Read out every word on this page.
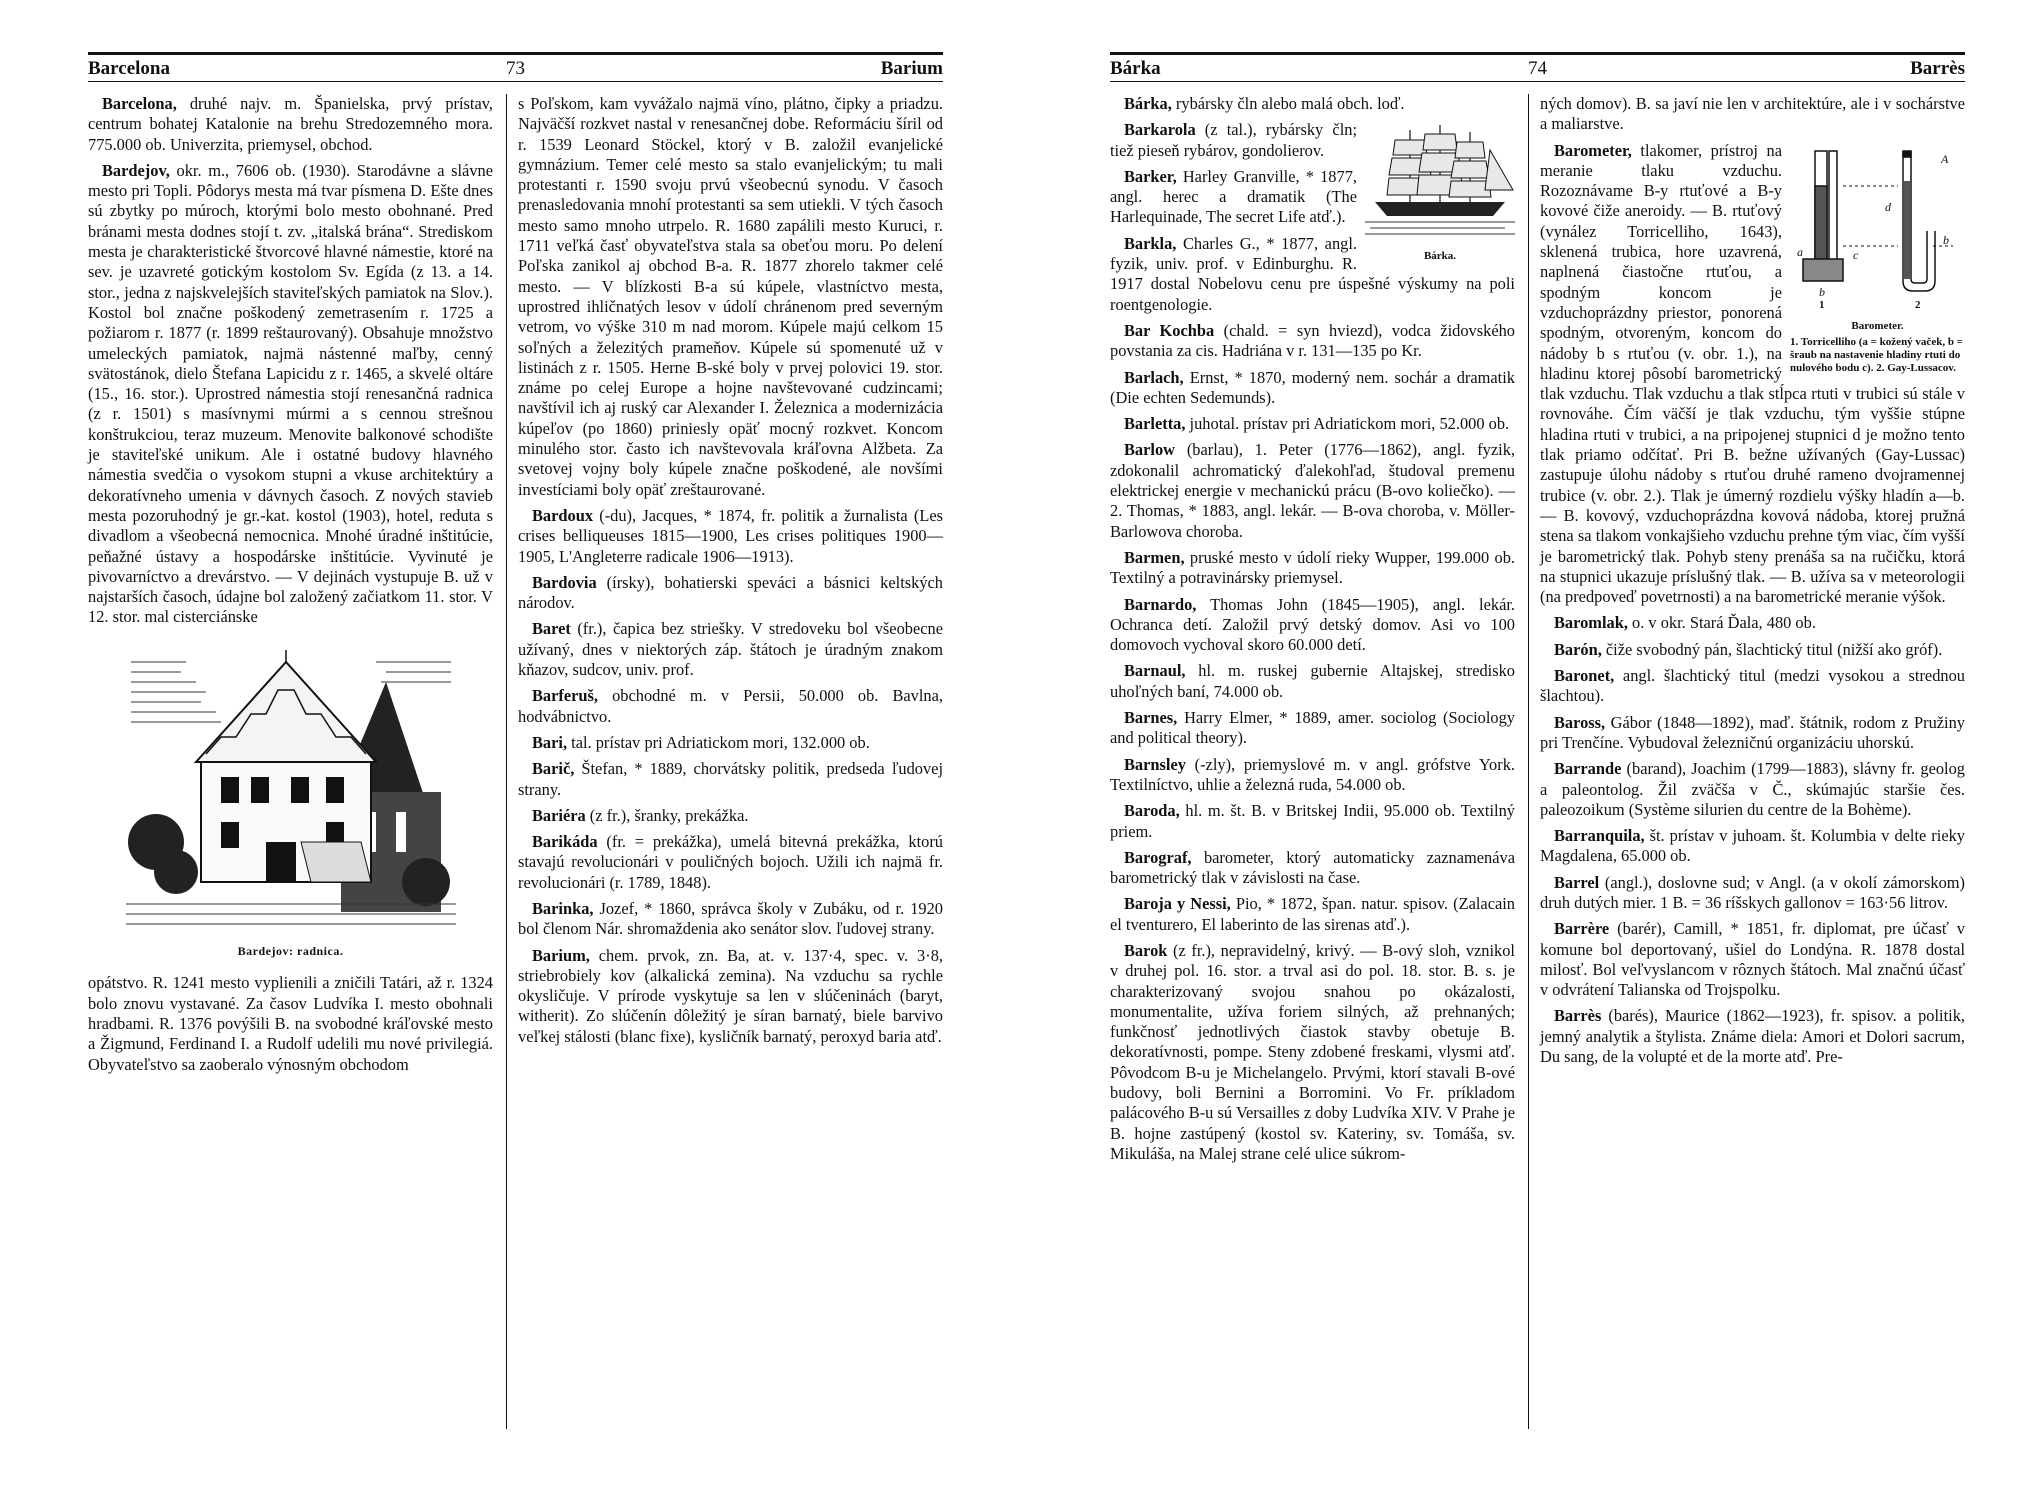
Barcelona	73	Barium

Barcelona, druhé najv. m. Španielska, prvý prístav, centrum bohatej Katalonie na brehu Stredozemného mora. 775.000 ob. Univerzita, priemysel, obchod.

Bardejov, okr. m., 7606 ob. (1930). Starodávne a slávne mesto pri Topli. Pôdorys mesta má tvar písmena D. Ešte dnes sú zbytky po múroch, ktorými bolo mesto obohnané. Pred bránami mesta dodnes stojí t. zv. „italská brána“. Strediskom mesta je charakteristické štvorcové hlavné námestie, ktoré na sev. je uzavreté gotickým kostolom Sv. Egída (z 13. a 14. stor., jedna z najskvelejších staviteľských pamiatok na Slov.). Kostol bol značne poškodený zemetrasením r. 1725 a požiarom r. 1877 (r. 1899 reštaurovaný). Obsahuje množstvo umeleckých pamiatok, najmä nástenné maľby, cenný svätostánok, dielo Štefana Lapicidu z r. 1465, a skvelé oltáre (15., 16. stor.). Uprostred námestia stojí renesančná radnica (z r. 1501) s masívnymi múrmi a s cennou strešnou konštrukciou, teraz muzeum. Menovite balkonové schodište je staviteľské unikum. Ale i ostatné budovy hlavného námestia svedčia o vysokom stupni a vkuse architektúry a dekoratívneho umenia v dávnych časoch. Z nových stavieb mesta pozoruhodný je gr.-kat. kostol (1903), hotel, reduta s divadlom a všeobecná nemocnica. Mnohé úradné inštitúcie, peňažné ústavy a hospodárske inštitúcie. Vyvinuté je pivovarníctvo a drevárstvo. — V dejinách vystupuje B. už v najstarších časoch, údajne bol založený začiatkom 11. stor. V 12. stor. mal cisterciánske

Bardejov: radnica.

opátstvo. R. 1241 mesto vyplienili a zničili Tatári, až r. 1324 bolo znovu vystavané. Za časov Ludvíka I. mesto obohnali hradbami. R. 1376 povýšili B. na svobodné kráľovské mesto a Žigmund, Ferdinand I. a Rudolf udelili mu nové privilegiá. Obyvateľstvo sa zaoberalo výnosným obchodom

s Poľskom, kam vyvážalo najmä víno, plátno, čipky a priadzu. Najväčší rozkvet nastal v renesančnej dobe. Reformáciu šíril od r. 1539 Leonard Stöckel, ktorý v B. založil evanjelické gymnázium. Temer celé mesto sa stalo evanjelickým; tu mali protestanti r. 1590 svoju prvú všeobecnú synodu. V časoch prenasledovania mnohí protestanti sa sem utiekli. V tých časoch mesto samo mnoho utrpelo. R. 1680 zapálili mesto Kuruci, r. 1711 veľká časť obyvateľstva stala sa obeťou moru. Po delení Poľska zanikol aj obchod B-a. R. 1877 zhorelo takmer celé mesto. — V blízkosti B-a sú kúpele, vlastníctvo mesta, uprostred ihličnatých lesov v údolí chránenom pred severným vetrom, vo výške 310 m nad morom. Kúpele majú celkom 15 soľných a železitých prameňov. Kúpele sú spomenuté už v listinách z r. 1505. Herne B-ské boly v prvej polovici 19. stor. známe po celej Europe a hojne navštevované cudzincami; navštívil ich aj ruský car Alexander I. Železnica a modernizácia kúpeľov (po 1860) priniesly opäť mocný rozkvet. Koncom minulého stor. často ich navštevovala kráľovna Alžbeta. Za svetovej vojny boly kúpele značne poškodené, ale novšími investíciami boly opäť zreštaurované.

Bardoux (-du), Jacques, * 1874, fr. politik a žurnalista (Les crises belliqueuses 1815—1900, Les crises politiques 1900—1905, L'Angleterre radicale 1906—1913).

Bardovia (írsky), bohatierski speváci a básnici keltských národov.

Baret (fr.), čapica bez striešky. V stredoveku bol všeobecne užívaný, dnes v niektorých záp. štátoch je úradným znakom kňazov, sudcov, univ. prof.

Barferuš, obchodné m. v Persii, 50.000 ob. Bavlna, hodvábnictvo.

Bari, tal. prístav pri Adriatickom mori, 132.000 ob.

Barič, Štefan, * 1889, chorvátsky politik, predseda ľudovej strany.

Bariéra (z fr.), šranky, prekážka.

Barikáda (fr. = prekážka), umelá bitevná prekážka, ktorú stavajú revolucionári v pouličných bojoch. Užili ich najmä fr. revolucionári (r. 1789, 1848).

Barinka, Jozef, * 1860, správca školy v Zubáku, od r. 1920 bol členom Nár. shromaždenia ako senátor slov. ľudovej strany.

Barium, chem. prvok, zn. Ba, at. v. 137·4, spec. v. 3·8, striebrobiely kov (alkalická zemina). Na vzduchu sa rychle okysličuje. V prírode vyskytuje sa len v slúčeninách (baryt, witherit). Zo slúčenín dôležitý je síran barnatý, biele barvivo veľkej stálosti (blanc fixe), kysličník barnatý, peroxyd baria atď.

Bárka	74	Barrès

Bárka, rybársky čln alebo malá obch. loď.

Bárka.

Barkarola (z tal.), rybársky čln; tiež pieseň rybárov, gondolierov.

Barker, Harley Granville, * 1877, angl. herec a dramatik (The Harlequinade, The secret Life atď.).

Barkla, Charles G., * 1877, angl. fyzik, univ. prof. v Edinburghu. R. 1917 dostal Nobelovu cenu pre úspešné výskumy na poli roentgenologie.

Bar Kochba (chald. = syn hviezd), vodca židovského povstania za cis. Hadriána v r. 131—135 po Kr.

Barlach, Ernst, * 1870, moderný nem. sochár a dramatik (Die echten Sedemunds).

Barletta, juhotal. prístav pri Adriatickom mori, 52.000 ob.

Barlow (barlau), 1. Peter (1776—1862), angl. fyzik, zdokonalil achromatický ďalekohľad, študoval premenu elektrickej energie v mechanickú prácu (B-ovo koliečko). — 2. Thomas, * 1883, angl. lekár. — B-ova choroba, v. Möller-Barlowova choroba.

Barmen, pruské mesto v údolí rieky Wupper, 199.000 ob. Textilný a potravinársky priemysel.

Barnardo, Thomas John (1845—1905), angl. lekár. Ochranca detí. Založil prvý detský domov. Asi vo 100 domovoch vychoval skoro 60.000 detí.

Barnaul, hl. m. ruskej gubernie Altajskej, stredisko uhoľných baní, 74.000 ob.

Barnes, Harry Elmer, * 1889, amer. sociolog (Sociology and political theory).

Barnsley (-zly), priemyslové m. v angl. grófstve York. Textilníctvo, uhlie a železná ruda, 54.000 ob.

Baroda, hl. m. št. B. v Britskej Indii, 95.000 ob. Textilný priem.

Barograf, barometer, ktorý automaticky zaznamenáva barometrický tlak v závislosti na čase.

Baroja y Nessi, Pio, * 1872, špan. natur. spisov. (Zalacain el tventurero, El laberinto de las sirenas atď.).

Barok (z fr.), nepravidelný, krivý. — B-ový sloh, vznikol v druhej pol. 16. stor. a trval asi do pol. 18. stor. B. s. je charakterizovaný svojou snahou po okázalosti, monumentalite, užíva foriem silných, až prehnaných; funkčnosť jednotlivých čiastok stavby obetuje B. dekoratívnosti, pompe. Steny zdobené freskami, vlysmi atď. Pôvodcom B-u je Michelangelo. Prvými, ktorí stavali B-ové budovy, boli Bernini a Borromini. Vo Fr. príkladom palácového B-u sú Versailles z doby Ludvíka XIV. V Prahe je B. hojne zastúpený (kostol sv. Kateriny, sv. Tomáša, sv. Mikuláša, na Malej strane celé ulice súkrom-

ných domov). B. sa javí nie len v architektúre, ale i v sochárstve a maliarstve.

A
d
c
a
b
b
1	2
Barometer.
1. Torricelliho (a = kožený vaček, b = šraub na nastavenie hladiny rtuti do nulového bodu c). 2. Gay-Lussacov.

Barometer, tlakomer, prístroj na meranie tlaku vzduchu. Rozoznávame B-y rtuťové a B-y kovové čiže aneroidy. — B. rtuťový (vynález Torricelliho, 1643), sklenená trubica, hore uzavrená, naplnená čiastočne rtuťou, a spodným koncom je vzduchoprázdny priestor, ponorená spodným, otvoreným, koncom do nádoby b s rtuťou (v. obr. 1.), na hladinu ktorej pôsobí barometrický tlak vzduchu. Tlak vzduchu a tlak stĺpca rtuti v trubici sú stále v rovnováhe. Čím väčší je tlak vzduchu, tým vyššie stúpne hladina rtuti v trubici, a na pripojenej stupnici d je možno tento tlak priamo odčítať. Pri B. bežne užívaných (Gay-Lussac) zastupuje úlohu nádoby s rtuťou druhé rameno dvojramennej trubice (v. obr. 2.). Tlak je úmerný rozdielu výšky hladín a—b. — B. kovový, vzduchoprázdna kovová nádoba, ktorej pružná stena sa tlakom vonkajšieho vzduchu prehne tým viac, čím vyšší je barometrický tlak. Pohyb steny prenáša sa na ručičku, ktorá na stupnici ukazuje príslušný tlak. — B. užíva sa v meteorologii (na predpoveď povetrnosti) a na barometrické meranie výšok.

Baromlak, o. v okr. Stará Ďala, 480 ob.

Barón, čiže svobodný pán, šlachtický titul (nižší ako gróf).

Baronet, angl. šlachtický titul (medzi vysokou a strednou šlachtou).

Baross, Gábor (1848—1892), maď. štátnik, rodom z Pružiny pri Trenčíne. Vybudoval železničnú organizáciu uhorskú.

Barrande (barand), Joachim (1799—1883), slávny fr. geolog a paleontolog. Žil zväčša v Č., skúmajúc staršie čes. paleozoikum (Système silurien du centre de la Bohème).

Barranquila, št. prístav v juhoam. št. Kolumbia v delte rieky Magdalena, 65.000 ob.

Barrel (angl.), doslovne sud; v Angl. (a v okolí zámorskom) druh dutých mier. 1 B. = 36 ríšskych gallonov = 163·56 litrov.

Barrère (barér), Camill, * 1851, fr. diplomat, pre účasť v komune bol deportovaný, ušiel do Londýna. R. 1878 dostal milosť. Bol veľvyslancom v rôznych štátoch. Mal značnú účasť v odvrátení Talianska od Trojspolku.

Barrès (barés), Maurice (1862—1923), fr. spisov. a politik, jemný analytik a štylista. Známe diela: Amori et Dolori sacrum, Du sang, de la volupté et de la morte atď. Pre-
